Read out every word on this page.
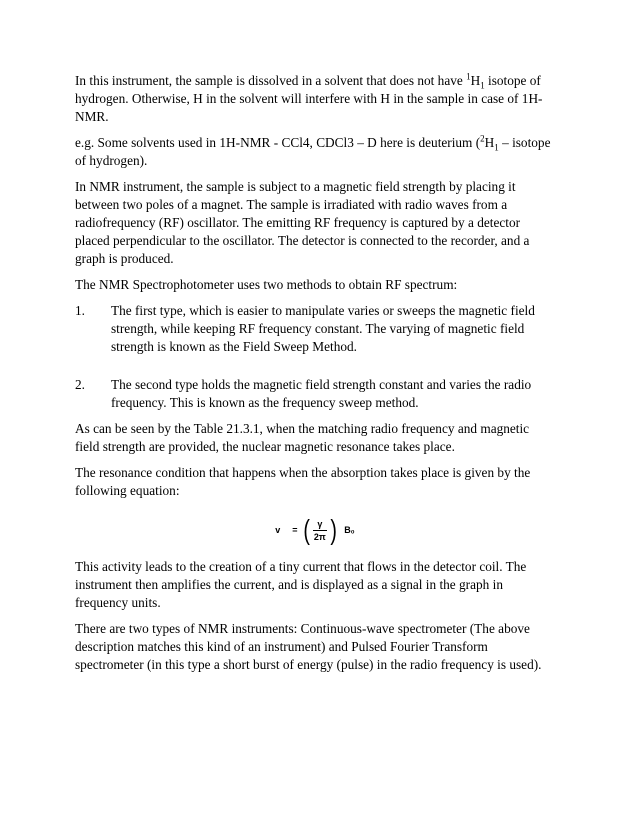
In this instrument, the sample is dissolved in a solvent that does not have $^1H_1$ isotope of hydrogen. Otherwise, H in the solvent will interfere with H in the sample in case of 1H-NMR.

e.g. Some solvents used in 1H-NMR - CCl4, CDCl3 – D here is deuterium ($^2H_1$ – isotope of hydrogen).

In NMR instrument, the sample is subject to a magnetic field strength by placing it between two poles of a magnet. The sample is irradiated with radio waves from a radiofrequency (RF) oscillator. The emitting RF frequency is captured by a detector placed perpendicular to the oscillator. The detector is connected to the recorder, and a graph is produced.

The NMR Spectrophotometer uses two methods to obtain RF spectrum:

1.	The first type, which is easier to manipulate varies or sweeps the magnetic field strength, while keeping RF frequency constant. The varying of magnetic field strength is known as the Field Sweep Method.

2.	The second type holds the magnetic field strength constant and varies the radio frequency. This is known as the frequency sweep method.

As can be seen by the Table 21.3.1, when the matching radio frequency and magnetic field strength are provided, the nuclear magnetic resonance takes place.

The resonance condition that happens when the absorption takes place is given by the following equation:

v = ( $\frac{\gamma}{2\pi}$ ) B₀

This activity leads to the creation of a tiny current that flows in the detector coil. The instrument then amplifies the current, and is displayed as a signal in the graph in frequency units.

There are two types of NMR instruments: Continuous-wave spectrometer (The above description matches this kind of an instrument) and Pulsed Fourier Transform spectrometer (in this type a short burst of energy (pulse) in the radio frequency is used).
